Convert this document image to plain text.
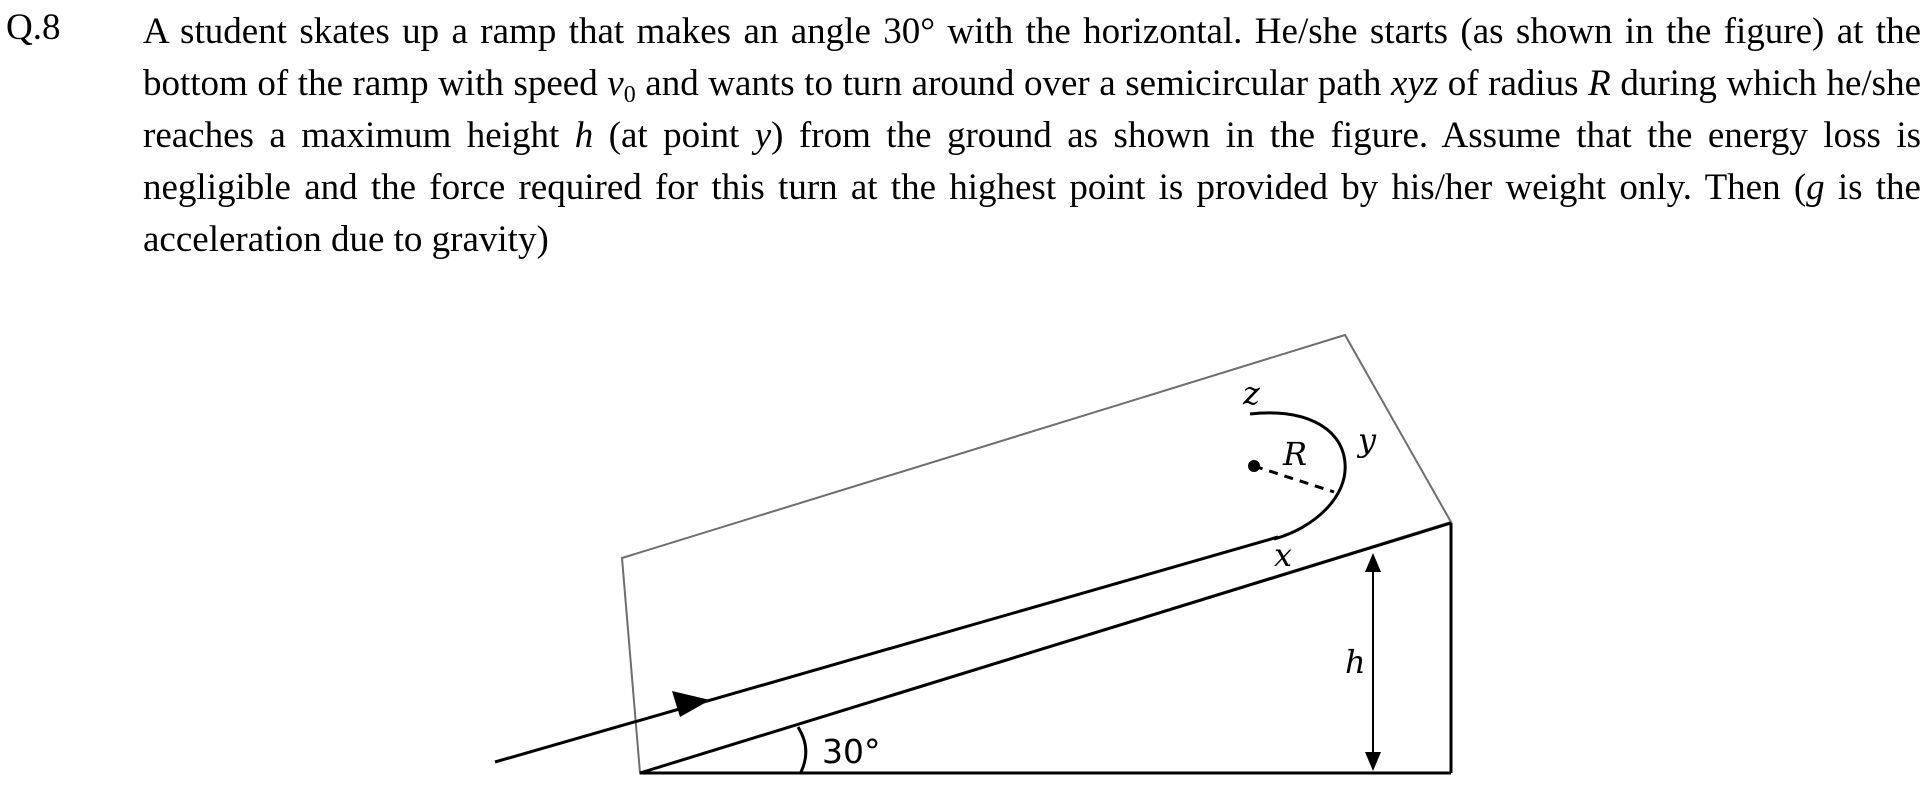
Q.8 A student skates up a ramp that makes an angle 30° with the horizontal. He/she starts (as shown in the figure) at the bottom of the ramp with speed $v_0$ and wants to turn around over a semicircular path xyz of radius R during which he/she reaches a maximum height h (at point y) from the ground as shown in the figure. Assume that the energy loss is negligible and the force required for this turn at the highest point is provided by his/her weight only. Then (g is the acceleration due to gravity)
30°
x
y
z
R
h
